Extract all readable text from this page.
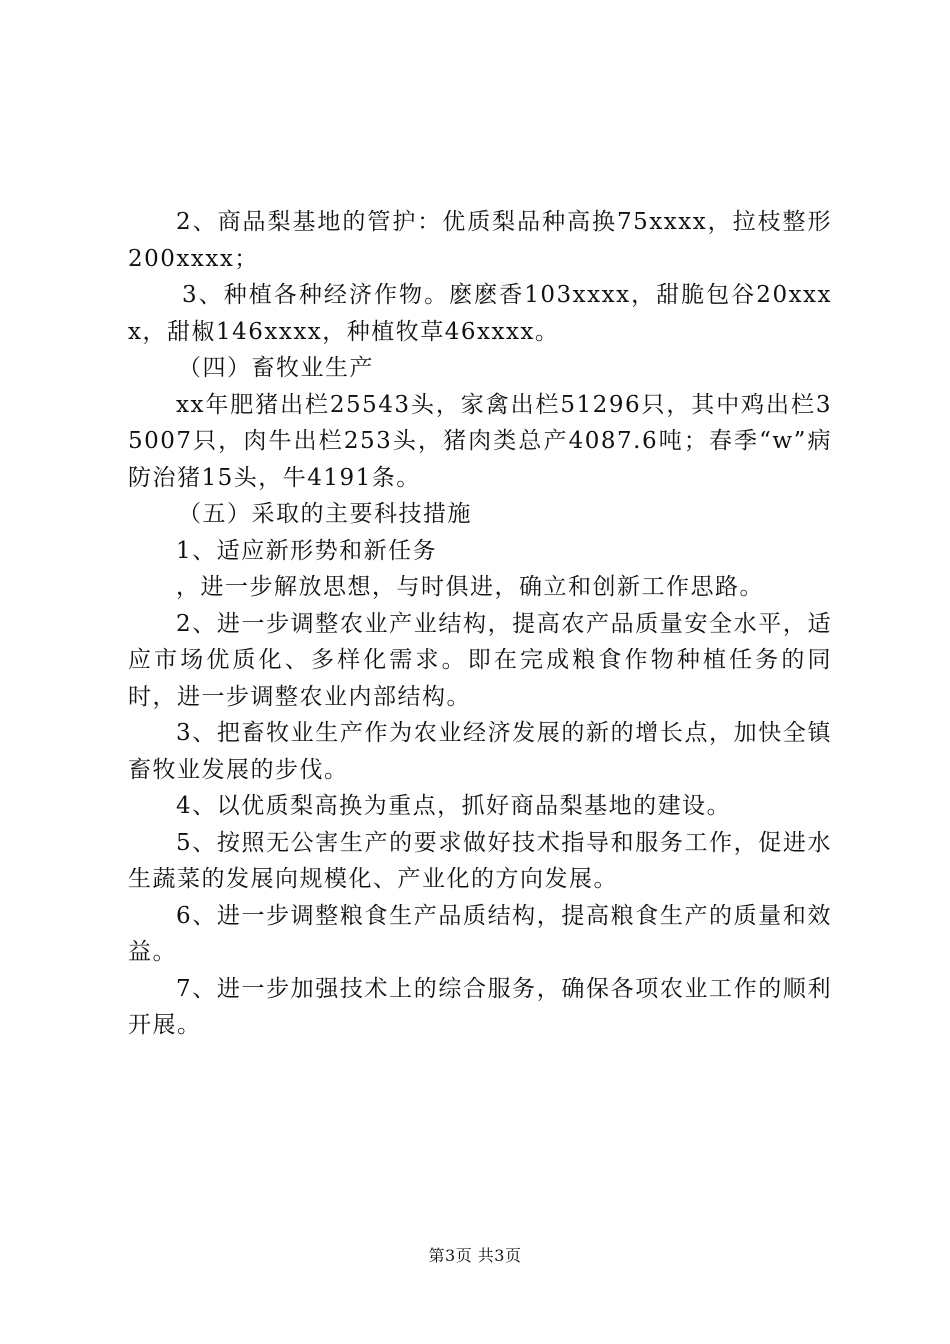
2、商品梨基地的管护：优质梨品种高换75xxxx，拉枝整形200xxxx；

3、种植各种经济作物。麽麽香103xxxx，甜脆包谷20xxxx，甜椒146xxxx，种植牧草46xxxx。

（四）畜牧业生产

xx年肥猪出栏25543头，家禽出栏51296只，其中鸡出栏35007只，肉牛出栏253头，猪肉类总产4087.6吨；春季“w”病防治猪15头，牛4191条。

（五）采取的主要科技措施

1、适应新形势和新任务

，进一步解放思想，与时俱进，确立和创新工作思路。

2、进一步调整农业产业结构，提高农产品质量安全水平，适应市场优质化、多样化需求。即在完成粮食作物种植任务的同时，进一步调整农业内部结构。

3、把畜牧业生产作为农业经济发展的新的增长点，加快全镇畜牧业发展的步伐。

4、以优质梨高换为重点，抓好商品梨基地的建设。

5、按照无公害生产的要求做好技术指导和服务工作，促进水生蔬菜的发展向规模化、产业化的方向发展。

6、进一步调整粮食生产品质结构，提高粮食生产的质量和效益。

7、进一步加强技术上的综合服务，确保各项农业工作的顺利开展。

第3页 共3页
